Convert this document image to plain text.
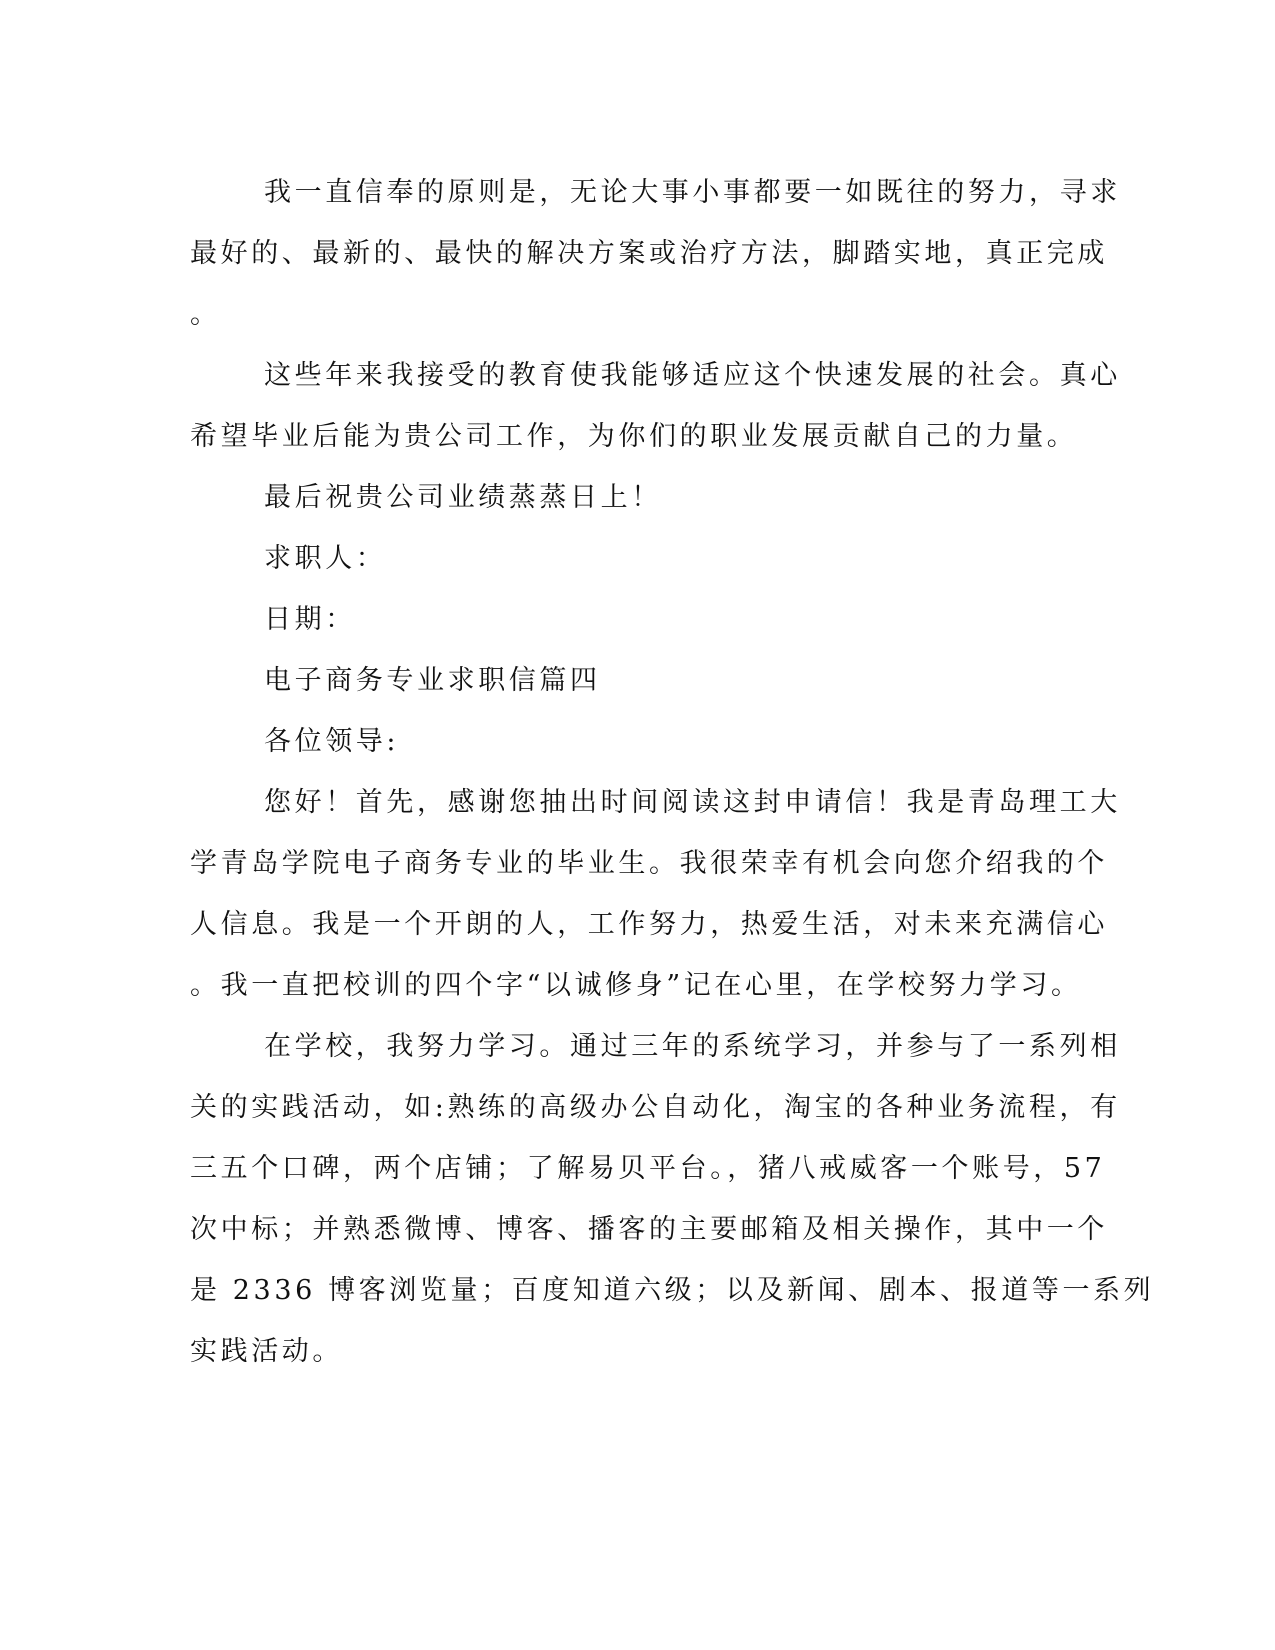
我一直信奉的原则是，无论大事小事都要一如既往的努力，寻求
最好的、最新的、最快的解决方案或治疗方法，脚踏实地，真正完成
。
这些年来我接受的教育使我能够适应这个快速发展的社会。真心
希望毕业后能为贵公司工作，为你们的职业发展贡献自己的力量。
最后祝贵公司业绩蒸蒸日上！
求职人：
日期：
电子商务专业求职信篇四
各位领导:
您好！首先，感谢您抽出时间阅读这封申请信！我是青岛理工大
学青岛学院电子商务专业的毕业生。我很荣幸有机会向您介绍我的个
人信息。我是一个开朗的人，工作努力，热爱生活，对未来充满信心
。我一直把校训的四个字“以诚修身”记在心里，在学校努力学习。
在学校，我努力学习。通过三年的系统学习，并参与了一系列相
关的实践活动，如:熟练的高级办公自动化，淘宝的各种业务流程，有
三五个口碑，两个店铺；了解易贝平台。，猪八戒威客一个账号，57
次中标；并熟悉微博、博客、播客的主要邮箱及相关操作，其中一个
是 2336 博客浏览量；百度知道六级；以及新闻、剧本、报道等一系列
实践活动。
